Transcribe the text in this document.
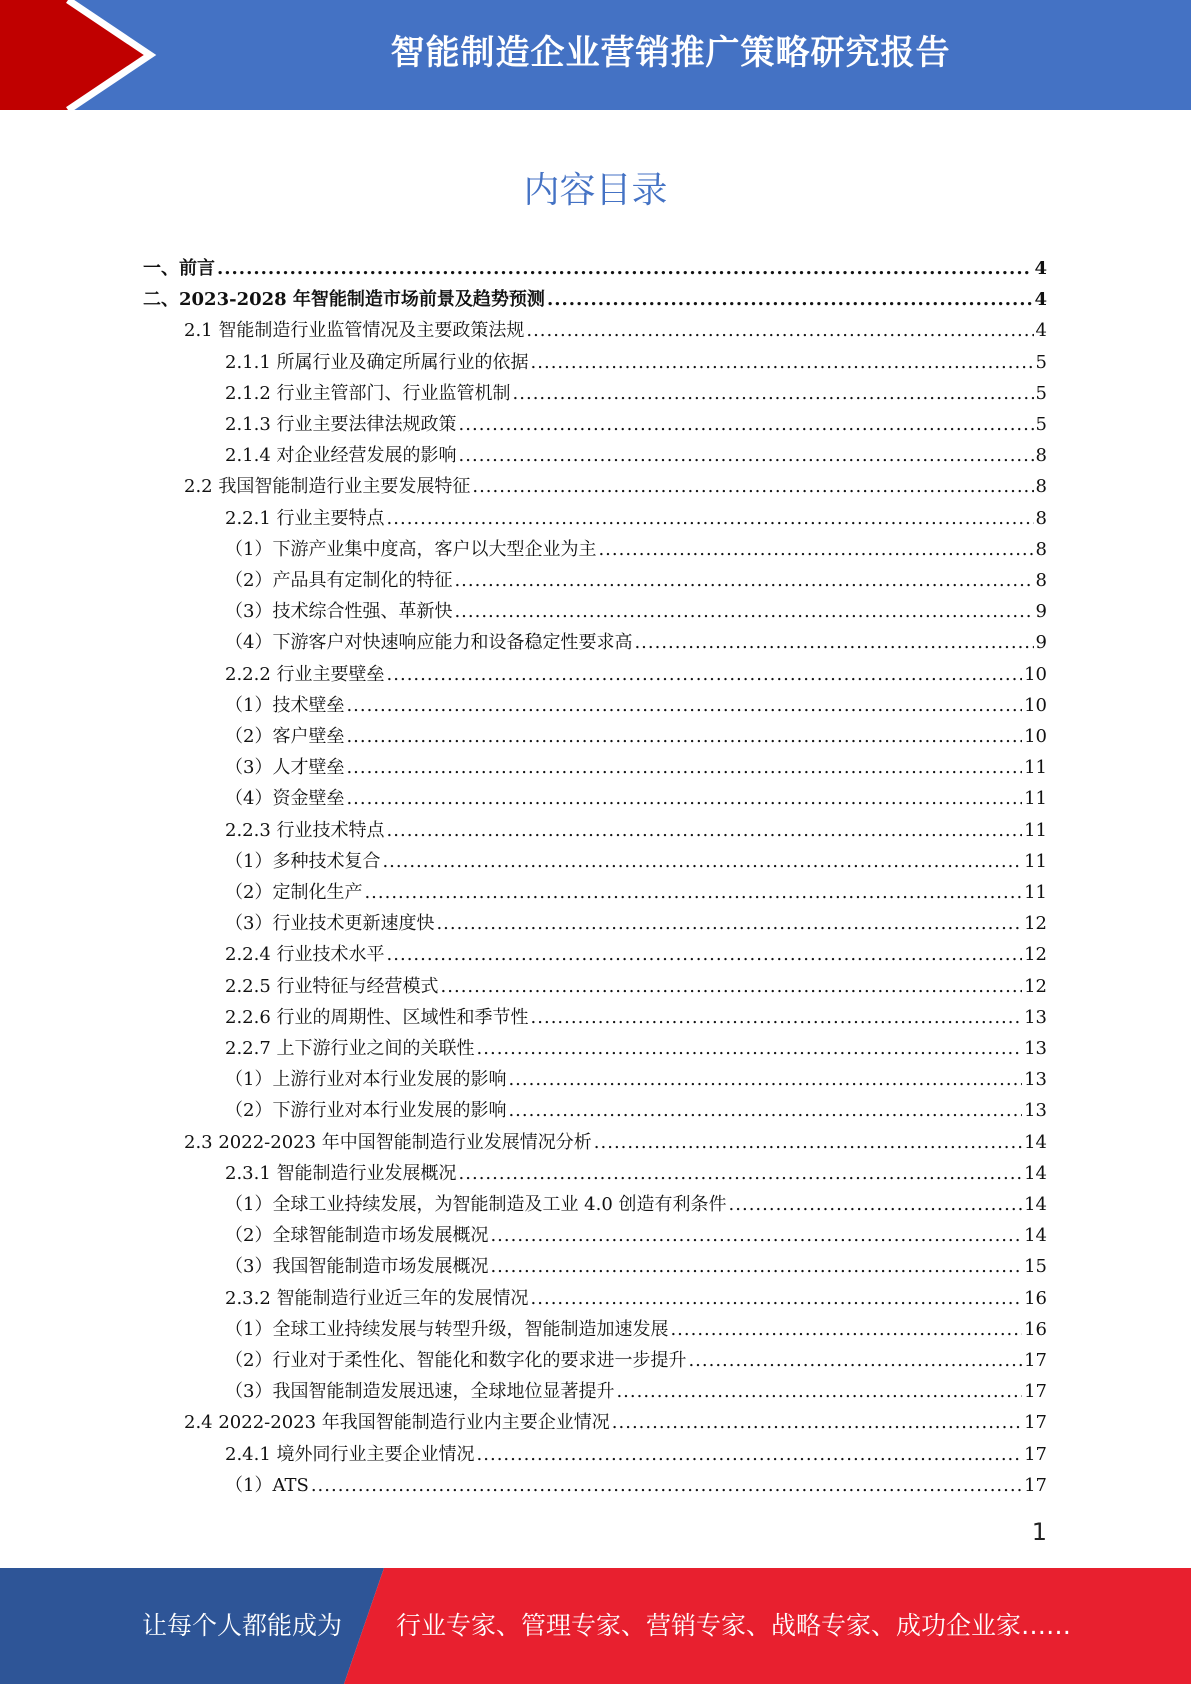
智能制造企业营销推广策略研究报告
内容目录
一、前言 .....	4
二、2023-2028 年智能制造市场前景及趋势预测 .....	4
2.1 智能制造行业监管情况及主要政策法规 .....	4
2.1.1 所属行业及确定所属行业的依据 .....	5
2.1.2 行业主管部门、行业监管机制 .....	5
2.1.3 行业主要法律法规政策 .....	5
2.1.4 对企业经营发展的影响 .....	8
2.2 我国智能制造行业主要发展特征 .....	8
2.2.1 行业主要特点 .....	8
（1）下游产业集中度高，客户以大型企业为主 .....	8
（2）产品具有定制化的特征 .....	8
（3）技术综合性强、革新快 .....	9
（4）下游客户对快速响应能力和设备稳定性要求高 .....	9
2.2.2 行业主要壁垒 .....	10
（1）技术壁垒 .....	10
（2）客户壁垒 .....	10
（3）人才壁垒 .....	11
（4）资金壁垒 .....	11
2.2.3 行业技术特点 .....	11
（1）多种技术复合 .....	11
（2）定制化生产 .....	11
（3）行业技术更新速度快 .....	12
2.2.4 行业技术水平 .....	12
2.2.5 行业特征与经营模式 .....	12
2.2.6 行业的周期性、区域性和季节性 .....	13
2.2.7 上下游行业之间的关联性 .....	13
（1）上游行业对本行业发展的影响 .....	13
（2）下游行业对本行业发展的影响 .....	13
2.3 2022-2023 年中国智能制造行业发展情况分析 .....	14
2.3.1 智能制造行业发展概况 .....	14
（1）全球工业持续发展，为智能制造及工业 4.0 创造有利条件 .....	14
（2）全球智能制造市场发展概况 .....	14
（3）我国智能制造市场发展概况 .....	15
2.3.2 智能制造行业近三年的发展情况 .....	16
（1）全球工业持续发展与转型升级，智能制造加速发展 .....	16
（2）行业对于柔性化、智能化和数字化的要求进一步提升 .....	17
（3）我国智能制造发展迅速，全球地位显著提升 .....	17
2.4 2022-2023 年我国智能制造行业内主要企业情况 .....	17
2.4.1 境外同行业主要企业情况 .....	17
（1）ATS .....	17
1
让每个人都能成为 行业专家、管理专家、营销专家、战略专家、成功企业家……
